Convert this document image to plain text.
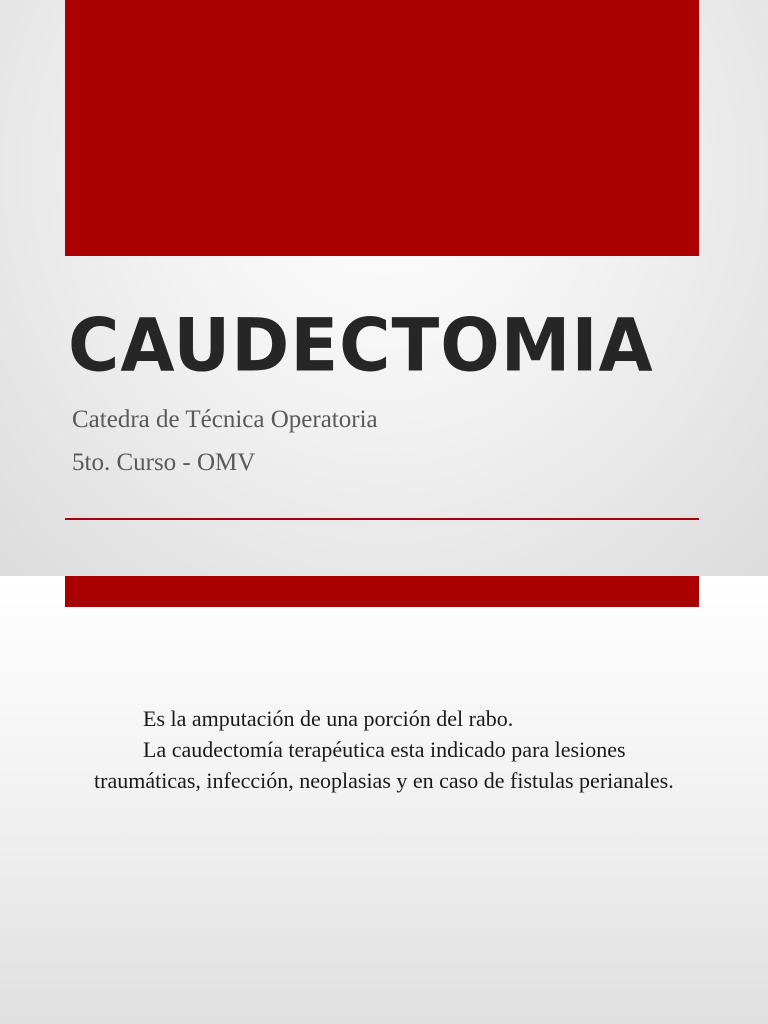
CAUDECTOMIA

Catedra de Técnica Operatoria

5to. Curso - OMV

Es la amputación de una porción del rabo.

La caudectomía terapéutica esta indicado para lesiones traumáticas, infección, neoplasias y en caso de fistulas perianales.
